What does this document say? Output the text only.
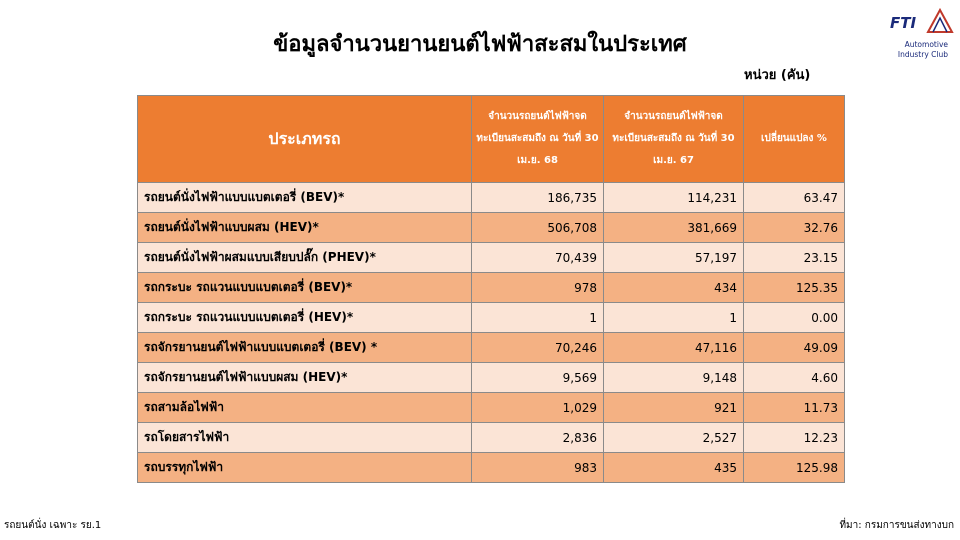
ข้อมูลจำนวนยานยนต์ไฟฟ้าสะสมในประเทศ
FTI
Automotive
Industry Club
หน่วย (คัน)
ประเภทรถ	จำนวนรถยนต์ไฟฟ้าจดทะเบียนสะสมถึง ณ วันที่ 30 เม.ย. 68	จำนวนรถยนต์ไฟฟ้าจดทะเบียนสะสมถึง ณ วันที่ 30 เม.ย. 67	เปลี่ยนแปลง %
รถยนต์นั่งไฟฟ้าแบบแบตเตอรี่ (BEV)*	186,735	114,231	63.47
รถยนต์นั่งไฟฟ้าแบบผสม (HEV)*	506,708	381,669	32.76
รถยนต์นั่งไฟฟ้าผสมแบบเสียบปลั๊ก (PHEV)*	70,439	57,197	23.15
รถกระบะ รถแวนแบบแบตเตอรี่ (BEV)*	978	434	125.35
รถกระบะ รถแวนแบบแบตเตอรี่ (HEV)*	1	1	0.00
รถจักรยานยนต์ไฟฟ้าแบบแบตเตอรี่ (BEV) *	70,246	47,116	49.09
รถจักรยานยนต์ไฟฟ้าแบบผสม (HEV)*	9,569	9,148	4.60
รถสามล้อไฟฟ้า	1,029	921	11.73
รถโดยสารไฟฟ้า	2,836	2,527	12.23
รถบรรทุกไฟฟ้า	983	435	125.98
รถยนต์นั่ง เฉพาะ รย.1	ที่มา: กรมการขนส่งทางบก
